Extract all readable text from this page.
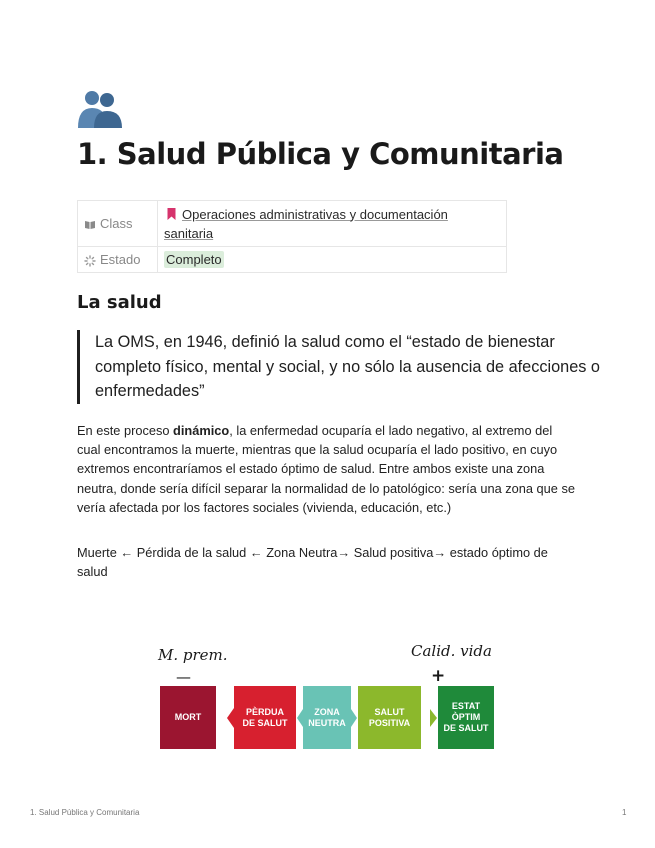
1. Salud Pública y Comunitaria
Class	Operaciones administrativas y documentación sanitaria
Estado	Completo
La salud
La OMS, en 1946, definió la salud como el “estado de bienestar completo físico, mental y social, y no sólo la ausencia de afecciones o enfermedades”

En este proceso dinámico, la enfermedad ocuparía el lado negativo, al extremo del cual encontramos la muerte, mientras que la salud ocuparía el lado positivo, en cuyo extremos encontraríamos el estado óptimo de salud. Entre ambos existe una zona neutra, donde sería difícil separar la normalidad de lo patológico: sería una zona que se vería afectada por los factores sociales (vivienda, educación, etc.)

Muerte ← Pérdida de la salud ← Zona Neutra→ Salud positiva→ estado óptimo de salud

M. prem.
—
Calid. vida
+
MORT
PÈRDUA
DE SALUT
ZONA
NEUTRA
SALUT
POSITIVA
ESTAT
ÒPTIM
DE SALUT
1. Salud Pública y Comunitaria	1
